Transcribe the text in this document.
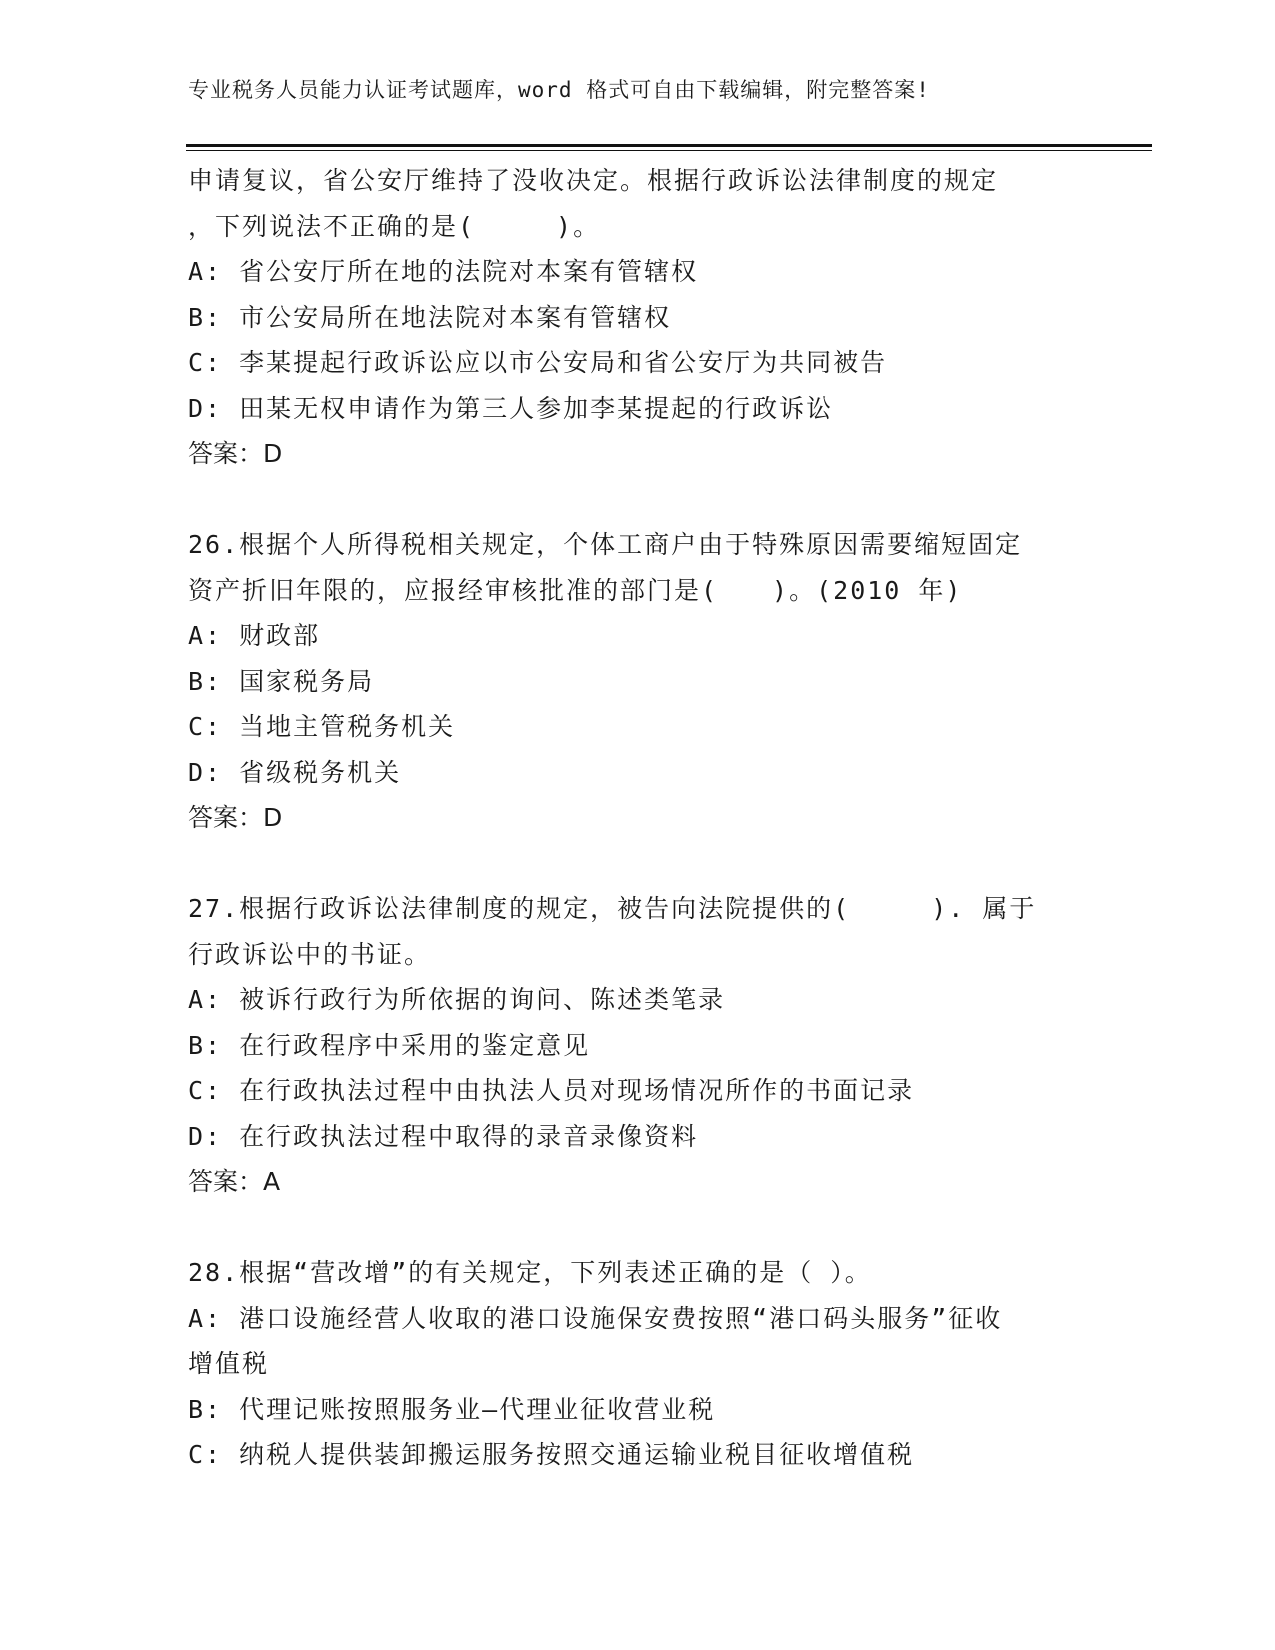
专业税务人员能力认证考试题库，word 格式可自由下载编辑，附完整答案!
申请复议，省公安厅维持了没收决定。根据行政诉讼法律制度的规定
，下列说法不正确的是(　　　)。
A: 省公安厅所在地的法院对本案有管辖权
B: 市公安局所在地法院对本案有管辖权
C: 李某提起行政诉讼应以市公安局和省公安厅为共同被告
D: 田某无权申请作为第三人参加李某提起的行政诉讼
答案：D
26.根据个人所得税相关规定，个体工商户由于特殊原因需要缩短固定
资产折旧年限的，应报经审核批准的部门是(　　)。(2010 年)
A: 财政部
B: 国家税务局
C: 当地主管税务机关
D: 省级税务机关
答案：D
27.根据行政诉讼法律制度的规定，被告向法院提供的(　　　). 属于
行政诉讼中的书证。
A: 被诉行政行为所依据的询问、陈述类笔录
B: 在行政程序中采用的鉴定意见
C: 在行政执法过程中由执法人员对现场情况所作的书面记录
D: 在行政执法过程中取得的录音录像资料
答案：A
28.根据“营改增”的有关规定，下列表述正确的是（ ）。
A: 港口设施经营人收取的港口设施保安费按照“港口码头服务”征收
增值税
B: 代理记账按照服务业—代理业征收营业税
C: 纳税人提供装卸搬运服务按照交通运输业税目征收增值税
